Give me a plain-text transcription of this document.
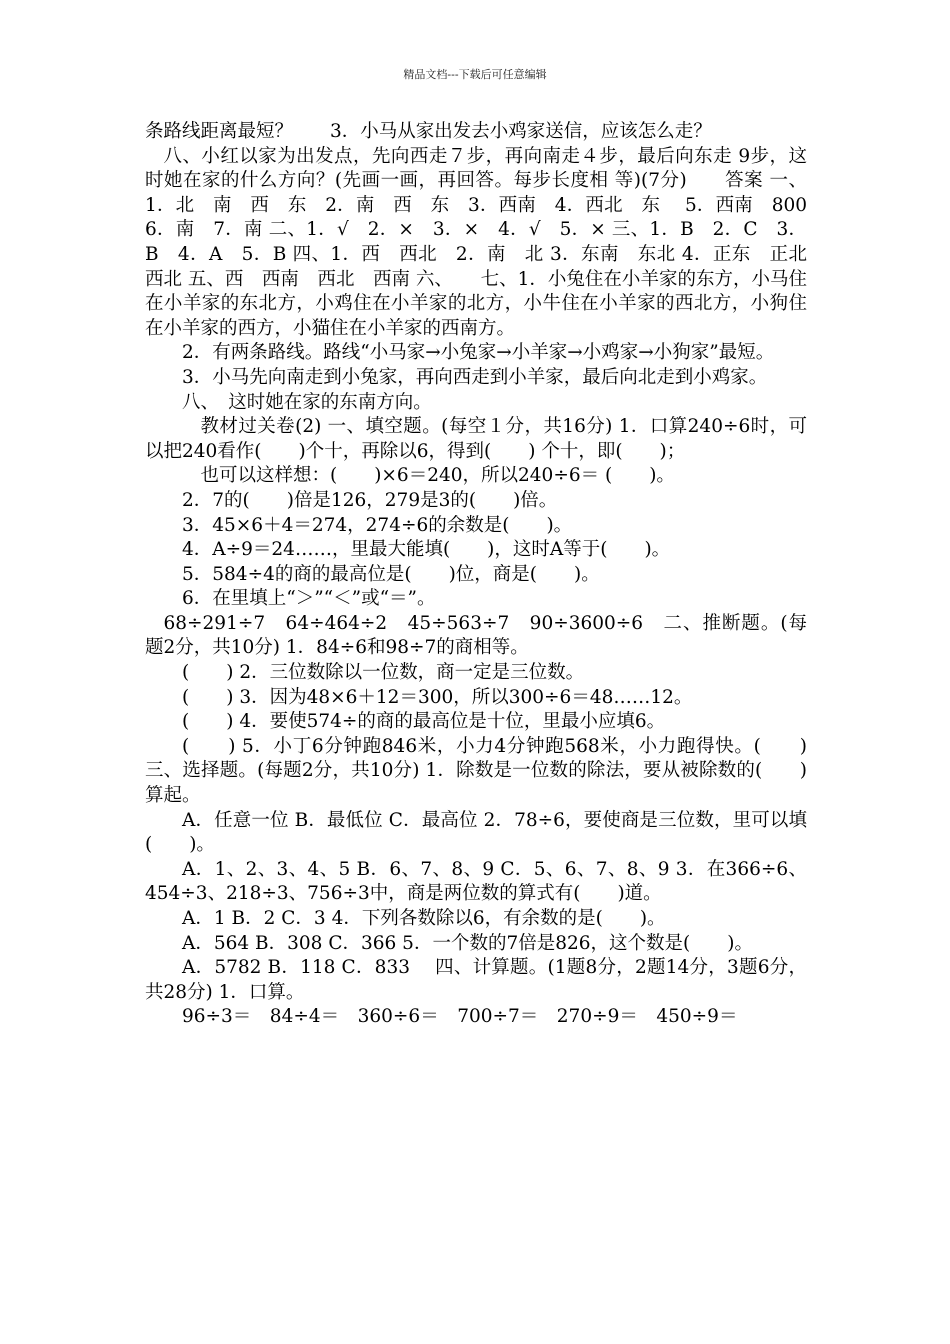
精品文档---下载后可任意编辑

条路线距离最短？　　3．小马从家出发去小鸡家送信，应该怎么走？

八、小红以家为出发点，先向西走７步，再向南走４步，最后向东走 9步，这时她在家的什么方向？(先画一画，再回答。每步长度相 等)(7分)　　答案 一、1．北　南　西　东　2．南　西　东　3．西南　4．西北　东　 5．西南　800　6．南　7．南 二、1．√　2．×　3．×　4．√　5．× 三、1．B　2．C　3．B　4．A　5．B 四、1．西　西北　2．南　北 3．东南　东北 4．正东　正北　西北 五、西　西南　西北　西南 六、　　七、1．小兔住在小羊家的东方，小马住在小羊家的东北方，小鸡住在小羊家的北方，小牛住在小羊家的西北方，小狗住在小羊家的西方，小猫住在小羊家的西南方。

2．有两条路线。路线“小马家→小兔家→小羊家→小鸡家→小狗家”最短。

3．小马先向南走到小兔家，再向西走到小羊家，最后向北走到小鸡家。

八、　这时她在家的东南方向。

教材过关卷(2) 一、填空题。(每空１分，共16分) 1．口算240÷6时，可以把240看作(　　)个十，再除以6，得到(　　) 个十，即(　　)；

也可以这样想：(　　)×6＝240，所以240÷6＝ (　　)。

2．7的(　　)倍是126，279是3的(　　)倍。

3．45×6＋4＝274，274÷6的余数是(　　)。

4．A÷9＝24……，里最大能填(　　)，这时A等于(　　)。

5．584÷4的商的最高位是(　　)位，商是(　　)。

6．在里填上“＞”“＜”或“＝”。

68÷291÷7　64÷464÷2　45÷563÷7　90÷3600÷6　二、推断题。(每题2分，共10分) 1．84÷6和98÷7的商相等。

(　　) 2．三位数除以一位数，商一定是三位数。

(　　) 3．因为48×6＋12＝300，所以300÷6＝48……12。

(　　) 4．要使574÷的商的最高位是十位，里最小应填6。

(　　) 5．小丁6分钟跑846米，小力4分钟跑568米，小力跑得快。(　　) 三、选择题。(每题2分，共10分) 1．除数是一位数的除法，要从被除数的(　　)算起。

A．任意一位 B．最低位 C．最高位 2．78÷6，要使商是三位数，里可以填(　　)。

A．1、2、3、4、5 B．6、7、8、9 C．5、6、7、8、9 3．在366÷6、454÷3、218÷3、756÷3中，商是两位数的算式有(　　)道。

A．1 B．2 C．3 4．下列各数除以6，有余数的是(　　)。

A．564 B．308 C．366 5．一个数的7倍是826，这个数是(　　)。

A．5782 B．118 C．833　 四、计算题。(1题8分，2题14分，3题6分，共28分) 1．口算。

96÷3＝　84÷4＝　360÷6＝　700÷7＝　270÷9＝　450÷9＝
